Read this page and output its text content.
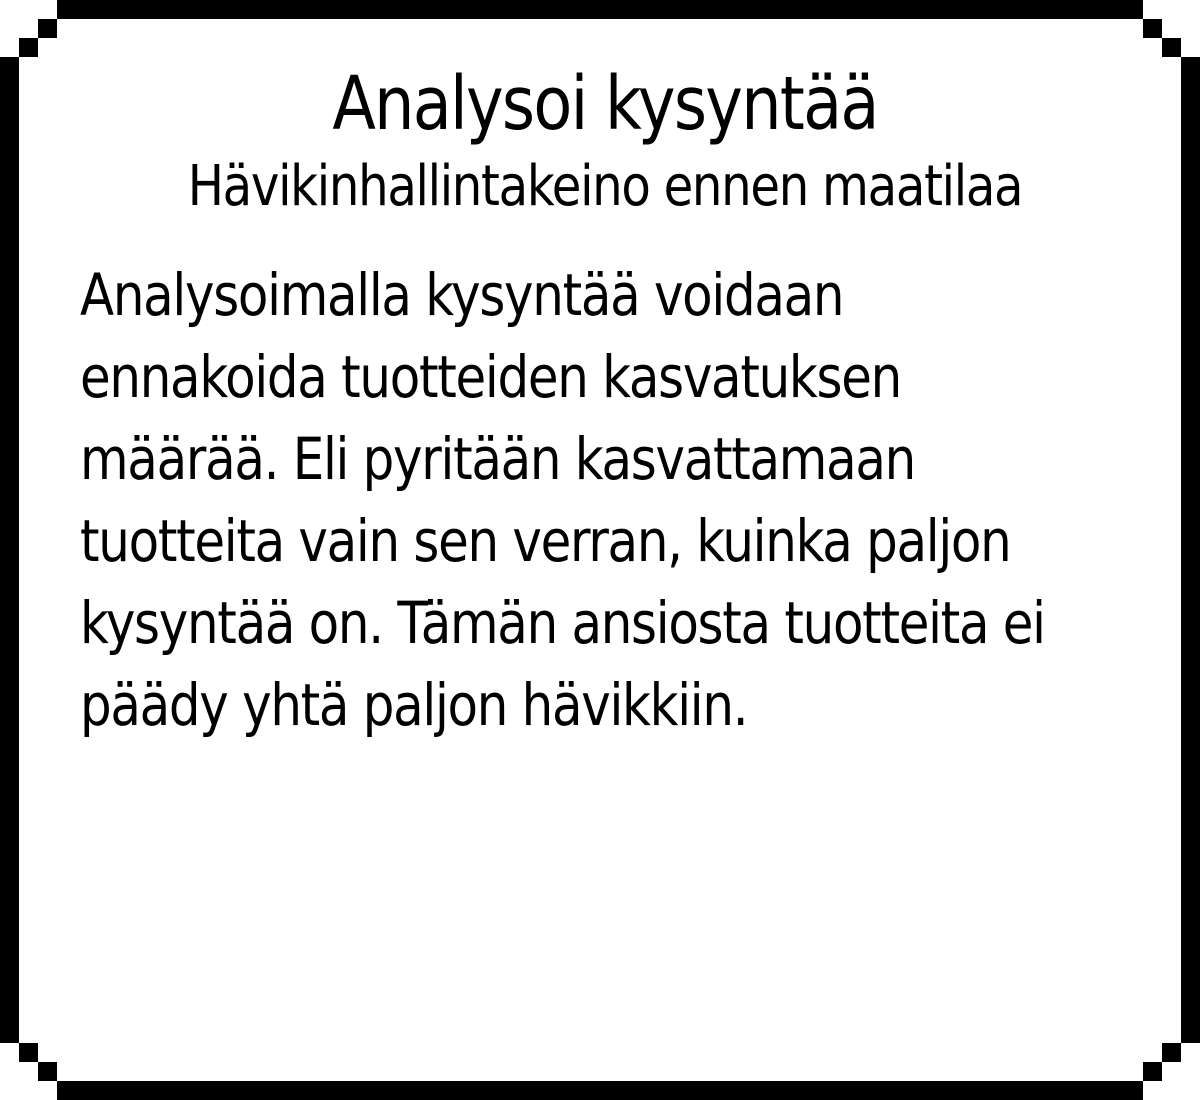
Analysoi kysyntää
Hävikinhallintakeino ennen maatilaa

Analysoimalla kysyntää voidaan ennakoida tuotteiden kasvatuksen määrää. Eli pyritään kasvattamaan tuotteita vain sen verran, kuinka paljon kysyntää on. Tämän ansiosta tuotteita ei päädy yhtä paljon hävikkiin.
